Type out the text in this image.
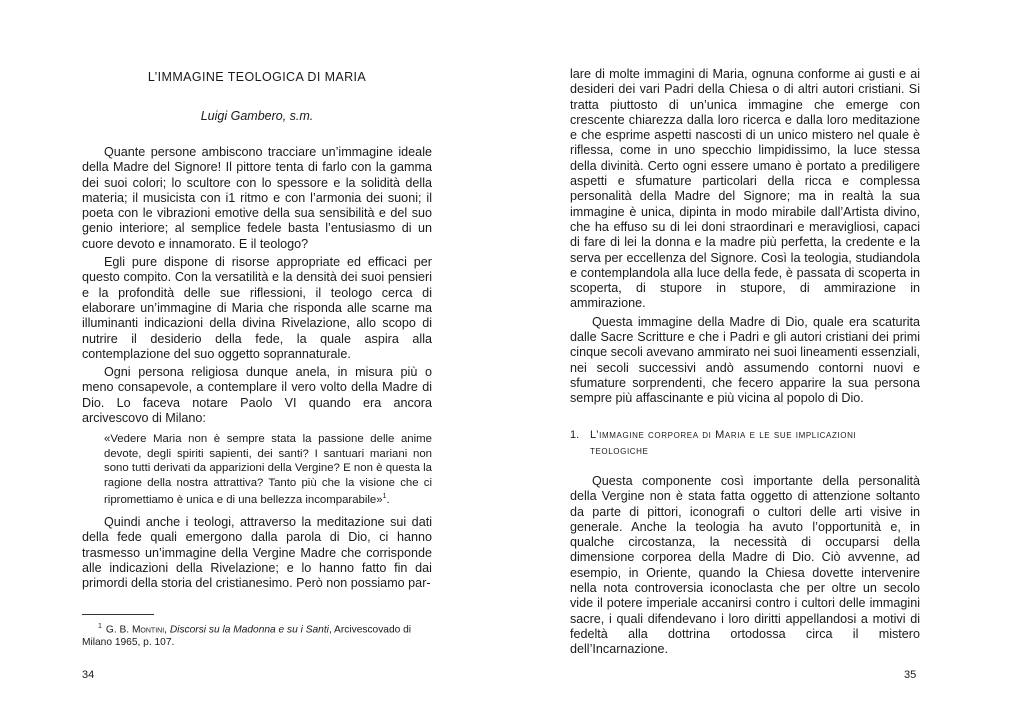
L’IMMAGINE TEOLOGICA DI MARIA
Luigi Gambero, s.m.

Quante persone ambiscono tracciare un’immagine ideale della Madre del Signore! Il pittore tenta di farlo con la gamma dei suoi colori; lo scultore con lo spessore e la solidità della materia; il musicista con i1 ritmo e con l’armonia dei suoni; il poeta con le vibrazioni emotive della sua sensibilità e del suo genio interiore; al semplice fedele basta l’entusiasmo di un cuore devoto e innamorato. E il teologo?

Egli pure dispone di risorse appropriate ed efficaci per questo compito. Con la versatilità e la densità dei suoi pensieri e la profondità delle sue riflessioni, il teologo cerca di elaborare un’immagine di Maria che risponda alle scarne ma illuminanti indicazioni della divina Rivelazione, allo scopo di nutrire il desiderio della fede, la quale aspira alla contemplazione del suo oggetto soprannaturale.

Ogni persona religiosa dunque anela, in misura più o meno consapevole, a contemplare il vero volto della Madre di Dio. Lo faceva notare Paolo VI quando era ancora arcivescovo di Milano:

«Vedere Maria non è sempre stata la passione delle anime devote, degli spiriti sapienti, dei santi? I santuari mariani non sono tutti derivati da apparizioni della Vergine? E non è questa la ragione della nostra attrattiva? Tanto più che la visione che ci ripromettiamo è unica e di una bellezza incomparabile»$^1$.

Quindi anche i teologi, attraverso la meditazione sui dati della fede quali emergono dalla parola di Dio, ci hanno trasmesso un’immagine della Vergine Madre che corrisponde alle indicazioni della Rivelazione; e lo hanno fatto fin dai primordi della storia del cristianesimo. Però non possiamo par-

$^1$ G. B. Montini, Discorsi su la Madonna e su i Santi, Arcivescovado di Milano 1965, p. 107.
34

lare di molte immagini di Maria, ognuna conforme ai gusti e ai desideri dei vari Padri della Chiesa o di altri autori cristiani. Si tratta piuttosto di un’unica immagine che emerge con crescente chiarezza dalla loro ricerca e dalla loro meditazione e che esprime aspetti nascosti di un unico mistero nel quale è riflessa, come in uno specchio limpidissimo, la luce stessa della divinità. Certo ogni essere umano è portato a prediligere aspetti e sfumature particolari della ricca e complessa personalità della Madre del Signore; ma in realtà la sua immagine è unica, dipinta in modo mirabile dall’Artista divino, che ha effuso su di lei doni straordinari e meravigliosi, capaci di fare di lei la donna e la madre più perfetta, la credente e la serva per eccellenza del Signore. Così la teologia, studiandola e contemplandola alla luce della fede, è passata di scoperta in scoperta, di stupore in stupore, di ammirazione in ammirazione.

Questa immagine della Madre di Dio, quale era scaturita dalle Sacre Scritture e che i Padri e gli autori cristiani dei primi cinque secoli avevano ammirato nei suoi lineamenti essenziali, nei secoli successivi andò assumendo contorni nuovi e sfumature sorprendenti, che fecero apparire la sua persona sempre più affascinante e più vicina al popolo di Dio.

1. L’immagine corporea di Maria e le sue implicazioni
teologiche

Questa componente così importante della personalità della Vergine non è stata fatta oggetto di attenzione soltanto da parte di pittori, iconografi o cultori delle arti visive in generale. Anche la teologia ha avuto l’opportunità e, in qualche circostanza, la necessità di occuparsi della dimensione corporea della Madre di Dio. Ciò avvenne, ad esempio, in Oriente, quando la Chiesa dovette intervenire nella nota controversia iconoclasta che per oltre un secolo vide il potere imperiale accanirsi contro i cultori delle immagini sacre, i quali difendevano i loro diritti appellandosi a motivi di fedeltà alla dottrina ortodossa circa il mistero dell’Incarnazione.

35
